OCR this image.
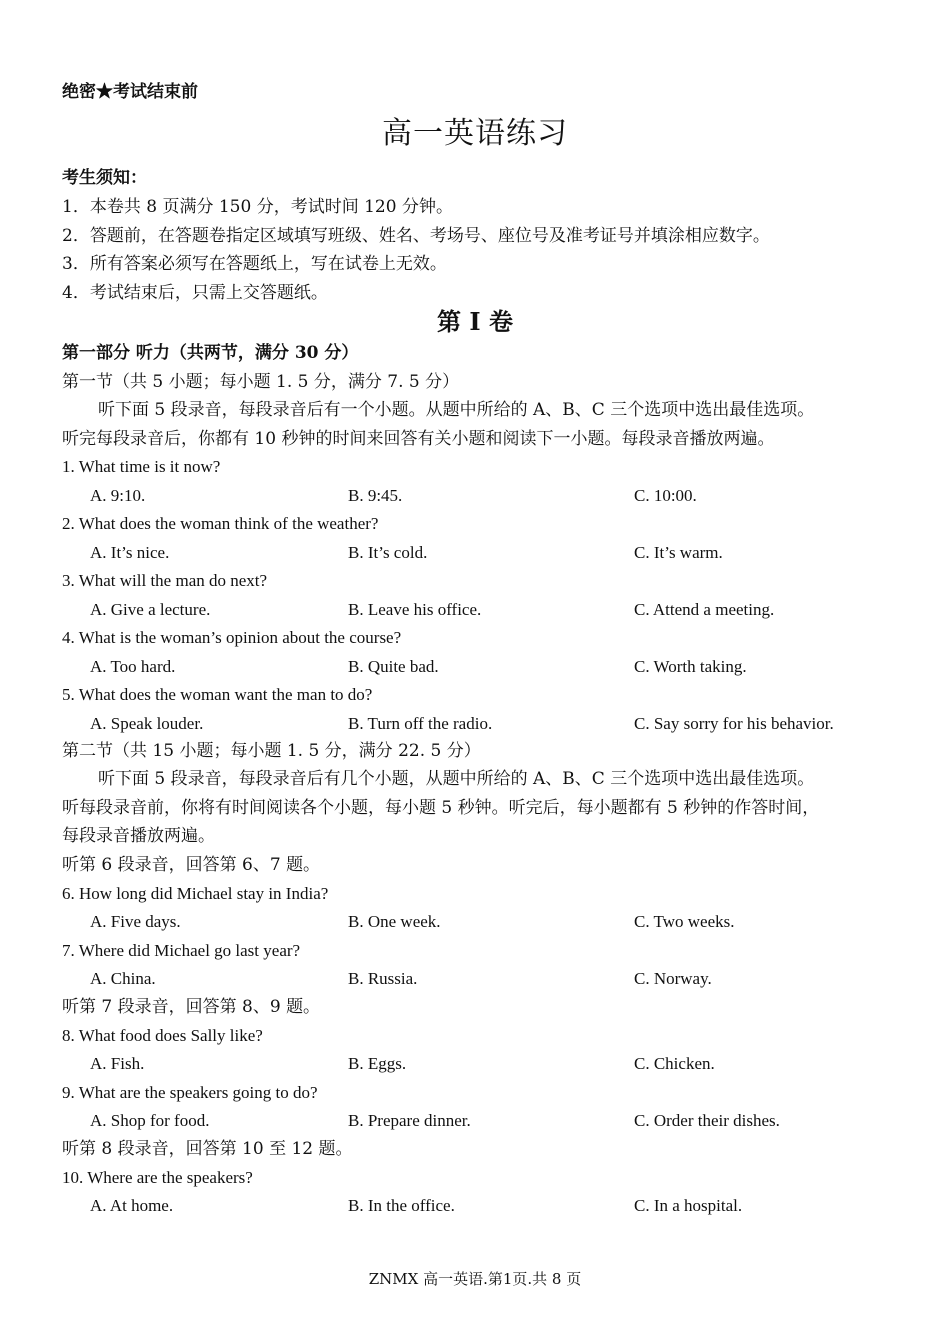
绝密★考试结束前
高一英语练习
考生须知：
1．本卷共 8 页满分 150 分，考试时间 120 分钟。
2．答题前，在答题卷指定区域填写班级、姓名、考场号、座位号及准考证号并填涂相应数字。
3．所有答案必须写在答题纸上，写在试卷上无效。
4．考试结束后，只需上交答题纸。
第 I 卷
第一部分 听力（共两节，满分 30 分）
第一节（共 5 小题；每小题 1. 5 分，满分 7. 5 分）
听下面 5 段录音，每段录音后有一个小题。从题中所给的 A、B、C 三个选项中选出最佳选项。
听完每段录音后，你都有 10 秒钟的时间来回答有关小题和阅读下一小题。每段录音播放两遍。
1. What time is it now?
A. 9:10.	B. 9:45.	C. 10:00.
2. What does the woman think of the weather?
A. It’s nice.	B. It’s cold.	C. It’s warm.
3. What will the man do next?
A. Give a lecture.	B. Leave his office.	C. Attend a meeting.
4. What is the woman’s opinion about the course?
A. Too hard.	B. Quite bad.	C. Worth taking.
5. What does the woman want the man to do?
A. Speak louder.	B. Turn off the radio.	C. Say sorry for his behavior.
第二节（共 15 小题；每小题 1. 5 分，满分 22. 5 分）
听下面 5 段录音，每段录音后有几个小题，从题中所给的 A、B、C 三个选项中选出最佳选项。
听每段录音前，你将有时间阅读各个小题，每小题 5 秒钟。听完后，每小题都有 5 秒钟的作答时间，
每段录音播放两遍。
听第 6 段录音，回答第 6、7 题。
6. How long did Michael stay in India?
A. Five days.	B. One week.	C. Two weeks.
7. Where did Michael go last year?
A. China.	B. Russia.	C. Norway.
听第 7 段录音，回答第 8、9 题。
8. What food does Sally like?
A. Fish.	B. Eggs.	C. Chicken.
9. What are the speakers going to do?
A. Shop for food.	B. Prepare dinner.	C. Order their dishes.
听第 8 段录音，回答第 10 至 12 题。
10. Where are the speakers?
A. At home.	B. In the office.	C. In a hospital.
ZNMX 高一英语.第1页.共 8 页
